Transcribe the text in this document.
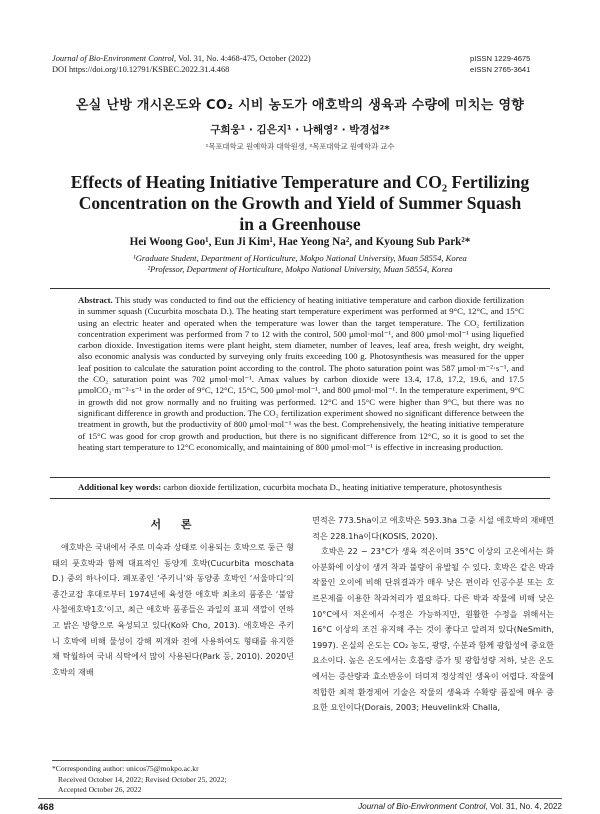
Journal of Bio-Environment Control, Vol. 31, No. 4:468-475, October (2022)
DOI https://doi.org/10.12791/KSBEC.2022.31.4.468
pISSN 1229-4675
eISSN 2765-3641
온실 난방 개시온도와 CO₂ 시비 농도가 애호박의 생육과 수량에 미치는 영향
구희웅¹ · 김은지¹ · 나해영² · 박경섭²*
¹목포대학교 원예학과 대학원생, ²목포대학교 원예학과 교수
Effects of Heating Initiative Temperature and CO₂ Fertilizing
Concentration on the Growth and Yield of Summer Squash
in a Greenhouse
Hei Woong Goo¹, Eun Ji Kim¹, Hae Yeong Na², and Kyoung Sub Park²*
¹Graduate Student, Department of Horticulture, Mokpo National University, Muan 58554, Korea
²Professor, Department of Horticulture, Mokpo National University, Muan 58554, Korea
Abstract. This study was conducted to find out the efficiency of heating initiative temperature and carbon dioxide fertilization in summer squash (Cucurbita moschata D.). The heating start temperature experiment was performed at 9°C, 12°C, and 15°C using an electric heater and operated when the temperature was lower than the target temperature. The CO₂ fertilization concentration experiment was performed from 7 to 12 with the control, 500 μmol·mol⁻¹, and 800 μmol·mol⁻¹ using liquefied carbon dioxide. Investigation items were plant height, stem diameter, number of leaves, leaf area, fresh weight, dry weight, also economic analysis was conducted by surveying only fruits exceeding 100 g. Photosynthesis was measured for the upper leaf position to calculate the saturation point according to the control. The photo saturation point was 587 μmol·m⁻²·s⁻¹, and the CO₂ saturation point was 702 μmol·mol⁻¹. Amax values by carbon dioxide were 13.4, 17.8, 17.2, 19.6, and 17.5 μmolCO₂·m⁻²·s⁻¹ in the order of 9°C, 12°C, 15°C, 500 μmol·mol⁻¹, and 800 μmol·mol⁻¹. In the temperature experiment, 9°C in growth did not grow normally and no fruiting was performed. 12°C and 15°C were higher than 9°C, but there was no significant difference in growth and production. The CO₂ fertilization experiment showed no significant difference between the treatment in growth, but the productivity of 800 μmol·mol⁻¹ was the best. Comprehensively, the heating initiative temperature of 15°C was good for crop growth and production, but there is no significant difference from 12°C, so it is good to set the heating start temperature to 12°C economically, and maintaining of 800 μmol·mol⁻¹ is effective in increasing production.
Additional key words: carbon dioxide fertilization, cucurbita mochata D., heating initiative temperature, photosynthesis
서 론

애호박은 국내에서 주로 미숙과 상태로 이용되는 호박으로 둥근 형태의 풋호박과 함께 대표적인 동양계 호박(Cucurbita moschata D.) 중의 하나이다. 폐포종인 ‘주키니’와 동양종 호박인 ‘서울마디’의 종간교잡 후대로부터 1974년에 육성한 애호박 최초의 품종은 ‘불암사철애호박1호’이고, 최근 애호박 품종들은 과일의 표피 색깔이 연하고 밝은 방향으로 육성되고 있다(Ko와 Cho, 2013). 애호박은 주키니 호박에 비해 물성이 강해 찌개와 전에 사용하여도 형태를 유지한 채 탁월하여 국내 식탁에서 많이 사용된다(Park 등, 2010). 2020년 호박의 재배

면적은 773.5ha이고 애호박은 593.3ha 그중 시설 애호박의 재배면적은 228.1ha이다(KOSIS, 2020).

호박은 22 − 23°C가 생육 적온이며 35°C 이상의 고온에서는 화아분화에 이상이 생겨 착과 불량이 유발될 수 있다. 호박은 같은 박과 작물인 오이에 비해 단위결과가 매우 낮은 편이라 인공수분 또는 호르몬제를 이용한 착과처리가 필요하다. 다른 박과 작물에 비해 낮은 10°C에서 저온에서 수정은 가능하지만, 원활한 수정을 위해서는 16°C 이상의 조건 유지해 주는 것이 좋다고 알려져 있다(NeSmith, 1997). 온실의 온도는 CO₂ 농도, 광량, 수분과 함께 광합성에 중요한 요소이다. 높은 온도에서는 호흡량 증가 및 광합성량 저하, 낮은 온도에서는 증산량과 효소반응이 더뎌져 정상적인 생육이 어렵다. 작물에 적합한 최적 환경제어 기술은 작물의 생육과 수확량 품질에 매우 중요한 요인이다(Dorais, 2003; Heuvelink와 Challa,

*Corresponding author: unicos75@mokpo.ac.kr
Received October 14, 2022; Revised October 25, 2022;
Accepted October 26, 2022
468	Journal of Bio-Environment Control, Vol. 31, No. 4, 2022
